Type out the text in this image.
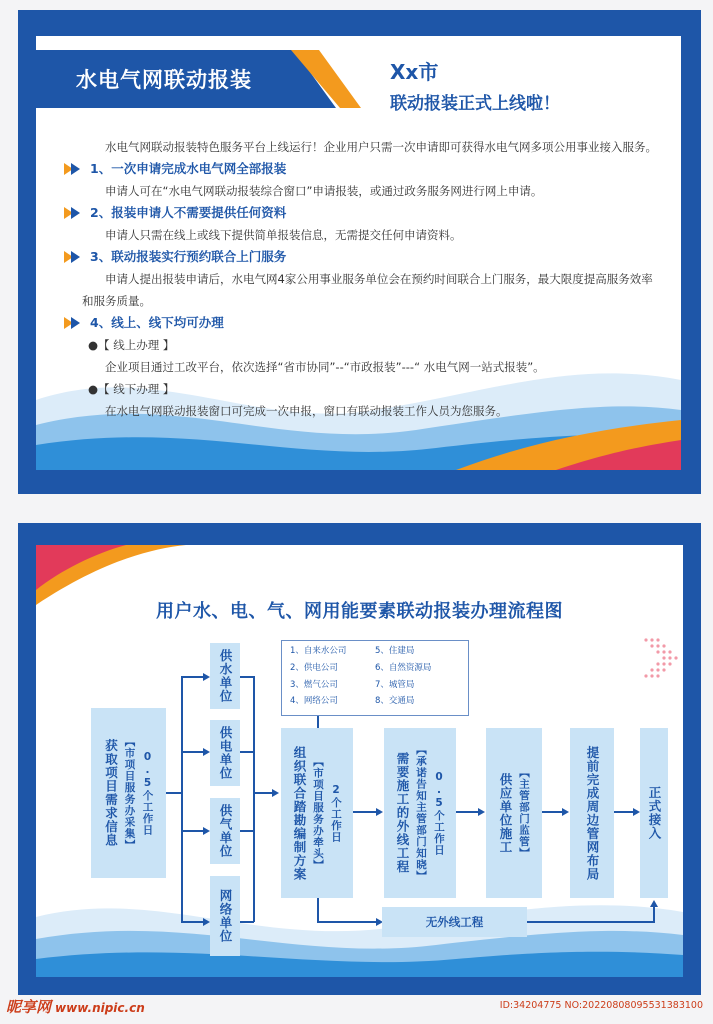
水电气网联动报装	Xx市
联动报装正式上线啦！

水电气网联动报装特色服务平台上线运行！企业用户只需一次申请即可获得水电气网多项公用事业接入服务。

1、一次申请完成水电气网全部报装

申请人可在“水电气网联动报装综合窗口”申请报装，或通过政务服务网进行网上申请。

2、报装申请人不需要提供任何资料

申请人只需在线上或线下提供简单报装信息，无需提交任何申请资料。

3、联动报装实行预约联合上门服务

申请人提出报装申请后，水电气网4家公用事业服务单位会在预约时间联合上门服务，最大限度提高服务效率和服务质量。

4、线上、线下均可办理

●【 线上办理 】

企业项目通过工改平台，依次选择“省市协同”--“市政报装”---“ 水电气网一站式报装”。

●【 线下办理 】

在水电气网联动报装窗口可完成一次申报，窗口有联动报装工作人员为您服务。

用户水、电、气、网用能要素联动报装办理流程图
获取项目需求信息 【市项目服务办采集】 0.5个工作日
供水单位
供电单位
供气单位
网络单位
1、自来水公司	5、住建局
2、供电公司	6、自然资源局
3、燃气公司	7、城管局
4、网络公司	8、交通局
组织联合踏勘编制方案 【市项目服务办牵头】 2个工作日	需要施工的外线工程 【承诺告知主管部门知晓】 0.5个工作日	供应单位施工 【主管部门监管】	提前完成周边管网布局	正式接入
无外线工程
昵享网 www.nipic.cn	ID:34204775 NO:20220808095531383100
